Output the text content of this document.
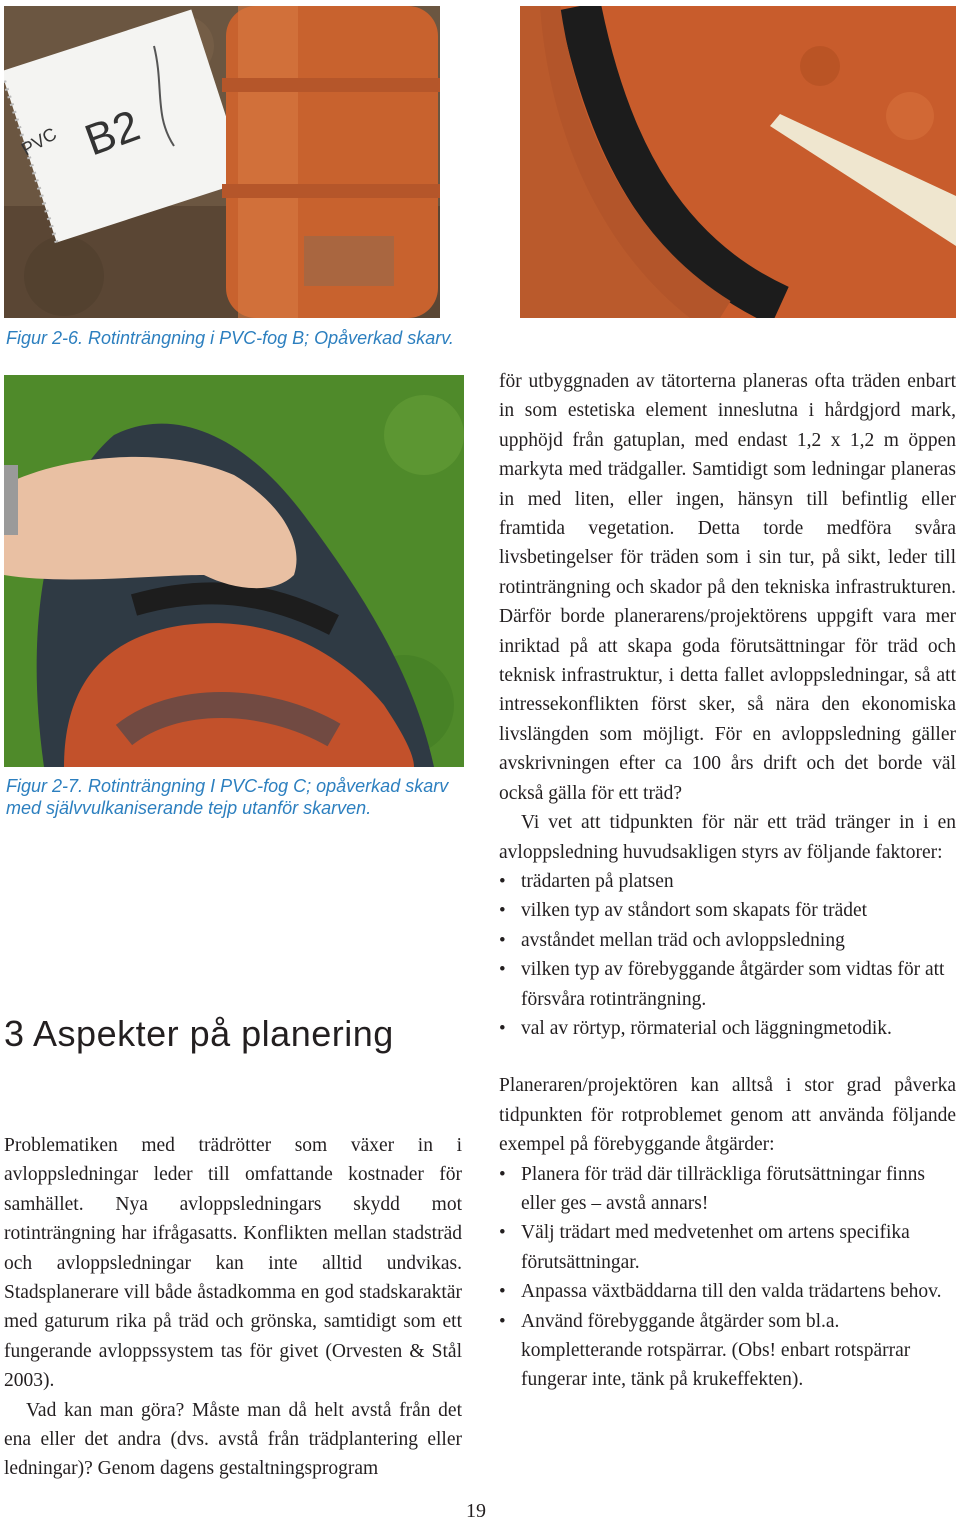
PVC B2
Figur 2-6. Rotinträngning i PVC-fog B; Opåverkad skarv.
Figur 2-7. Rotinträngning I PVC-fog C; opåverkad skarv
med självvulkaniserande tejp utanför skarven.
3 Aspekter på planering

Problematiken med trädrötter som växer in i avloppsledningar leder till omfattande kostnader för samhället. Nya avloppsledningars skydd mot rotinträngning har ifrågasatts. Konflikten mellan stadsträd och avloppsledningar kan inte alltid undvikas. Stadsplanerare vill både åstadkomma en god stadskaraktär med gaturum rika på träd och grönska, samtidigt som ett fungerande avloppssystem tas för givet (Orvesten & Stål 2003).

Vad kan man göra? Måste man då helt avstå från det ena eller det andra (dvs. avstå från trädplantering eller ledningar)? Genom dagens gestaltningsprogram

för utbyggnaden av tätorterna planeras ofta träden enbart in som estetiska element inneslutna i hårdgjord mark, upphöjd från gatuplan, med endast 1,2 x 1,2 m öppen markyta med trädgaller. Samtidigt som ledningar planeras in med liten, eller ingen, hänsyn till befintlig eller framtida vegetation. Detta torde medföra svåra livsbetingelser för träden som i sin tur, på sikt, leder till rotinträngning och skador på den tekniska infrastrukturen. Därför borde planerarens/projektörens uppgift vara mer inriktad på att skapa goda förutsättningar för träd och teknisk infrastruktur, i detta fallet avloppsledningar, så att intressekonflikten först sker, så nära den ekonomiska livslängden som möjligt. För en avloppsledning gäller avskrivningen efter ca 100 års drift och det borde väl också gälla för ett träd?

Vi vet att tidpunkten för när ett träd tränger in i en avloppsledning huvudsakligen styrs av följande faktorer:

• trädarten på platsen
• vilken typ av ståndort som skapats för trädet
• avståndet mellan träd och avloppsledning
• vilken typ av förebyggande åtgärder som vidtas för att försvåra rotinträngning.
• val av rörtyp, rörmaterial och läggningmetodik.

Planeraren/projektören kan alltså i stor grad påverka tidpunkten för rotproblemet genom att använda följande exempel på förebyggande åtgärder:

• Planera för träd där tillräckliga förutsättningar finns eller ges – avstå annars!
• Välj trädart med medvetenhet om artens specifika förutsättningar.
• Anpassa växtbäddarna till den valda trädartens behov.
• Använd förebyggande åtgärder som bl.a. kompletterande rotspärrar. (Obs! enbart rotspärrar fungerar inte, tänk på krukeffekten).
19
